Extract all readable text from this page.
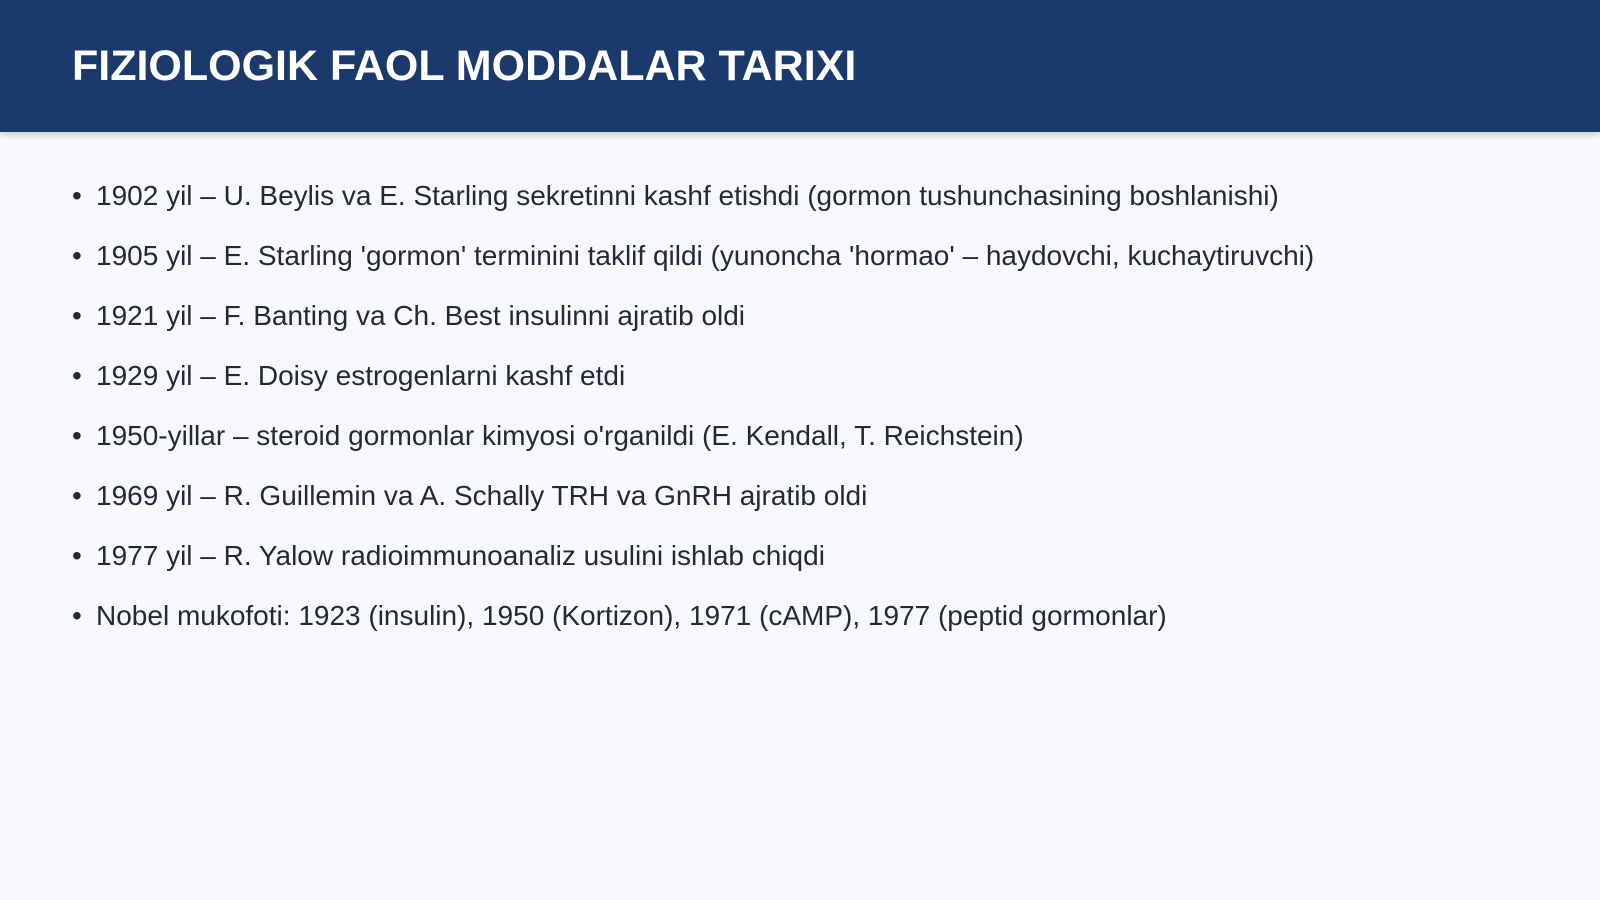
FIZIOLOGIK FAOL MODDALAR TARIXI
• 1902 yil – U. Beylis va E. Starling sekretinni kashf etishdi (gormon tushunchasining boshlanishi)
• 1905 yil – E. Starling 'gormon' terminini taklif qildi (yunoncha 'hormao' – haydovchi, kuchaytiruvchi)
• 1921 yil – F. Banting va Ch. Best insulinni ajratib oldi
• 1929 yil – E. Doisy estrogenlarni kashf etdi
• 1950-yillar – steroid gormonlar kimyosi o'rganildi (E. Kendall, T. Reichstein)
• 1969 yil – R. Guillemin va A. Schally TRH va GnRH ajratib oldi
• 1977 yil – R. Yalow radioimmunoanaliz usulini ishlab chiqdi
• Nobel mukofoti: 1923 (insulin), 1950 (Kortizon), 1971 (cAMP), 1977 (peptid gormonlar)
